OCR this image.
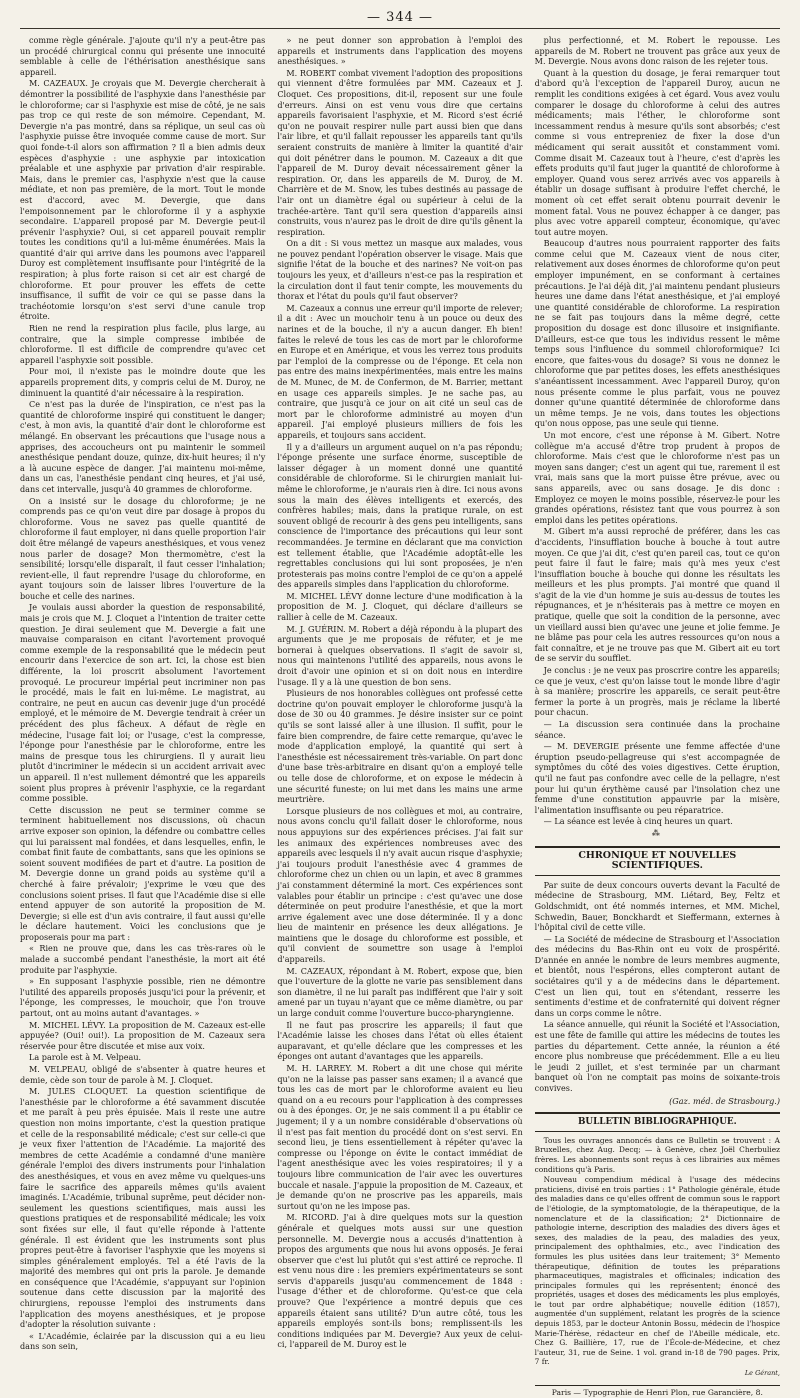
— 344 —

comme règle générale. J'ajoute qu'il n'y a peut-être pas un procédé chirurgical connu qui présente une innocuité semblable à celle de l'éthérisation anesthésique sans appareil.

M. CAZEAUX. Je croyais que M. Devergie chercherait à démontrer la possibilité de l'asphyxie dans l'anesthésie par le chloroforme; car si l'asphyxie est mise de côté, je ne sais pas trop ce qui reste de son mémoire. Cependant, M. Devergie n'a pas montré, dans sa réplique, un seul cas où l'asphyxie puisse être invoquée comme cause de mort. Sur quoi fonde-t-il alors son affirmation ? Il a bien admis deux espèces d'asphyxie : une asphyxie par intoxication préalable et une asphyxie par privation d'air respirable. Mais, dans le premier cas, l'asphyxie n'est que la cause médiate, et non pas première, de la mort. Tout le monde est d'accord, avec M. Devergie, que dans l'empoisonnement par le chloroforme il y a asphyxie secondaire. L'appareil proposé par M. Devergie peut-il prévenir l'asphyxie? Oui, si cet appareil pouvait remplir toutes les conditions qu'il a lui-même énumérées. Mais la quantité d'air qui arrive dans les poumons avec l'appareil Duroy est complètement insuffisante pour l'intégrité de la respiration; à plus forte raison si cet air est chargé de chloroforme. Et pour prouver les effets de cette insuffisance, il suffit de voir ce qui se passe dans la trachéotomie lorsqu'on s'est servi d'une canule trop étroite.

Rien ne rend la respiration plus facile, plus large, au contraire, que la simple compresse imbibée de chloroforme. Il est difficile de comprendre qu'avec cet appareil l'asphyxie soit possible.

Pour moi, il n'existe pas le moindre doute que les appareils proprement dits, y compris celui de M. Duroy, ne diminuent la quantité d'air nécessaire à la respiration.

Ce n'est pas la durée de l'inspiration, ce n'est pas la quantité de chloroforme inspiré qui constituent le danger; c'est, à mon avis, la quantité d'air dont le chloroforme est mélangé. En observant les précautions que l'usage nous a apprises, des accoucheurs ont pu maintenir le sommeil anesthésique pendant douze, quinze, dix-huit heures; il n'y a là aucune espèce de danger. J'ai maintenu moi-même, dans un cas, l'anesthésie pendant cinq heures, et j'ai usé, dans cet intervalle, jusqu'à 40 grammes de chloroforme.

On a insisté sur le dosage du chloroforme; je ne comprends pas ce qu'on veut dire par dosage à propos du chloroforme. Vous ne savez pas quelle quantité de chloroforme il faut employer, ni dans quelle proportion l'air doit être mélangé de vapeurs anesthésiques, et vous venez nous parler de dosage? Mon thermomètre, c'est la sensibilité; lorsqu'elle disparaît, il faut cesser l'inhalation; revient-elle, il faut reprendre l'usage du chloroforme, en ayant toujours soin de laisser libres l'ouverture de la bouche et celle des narines.

Je voulais aussi aborder la question de responsabilité, mais je crois que M. J. Cloquet a l'intention de traiter cette question. Je dirai seulement que M. Devergie a fait une mauvaise comparaison en citant l'avortement provoqué comme exemple de la responsabilité que le médecin peut encourir dans l'exercice de son art. Ici, la chose est bien différente, la loi proscrit absolument l'avortement provoqué. Le procureur impérial peut incriminer non pas le procédé, mais le fait en lui-même. Le magistrat, au contraire, ne peut en aucun cas devenir juge d'un procédé employé, et le mémoire de M. Devergie tendrait à créer un précédent des plus fâcheux. A défaut de règle en médecine, l'usage fait loi; or l'usage, c'est la compresse, l'éponge pour l'anesthésie par le chloroforme, entre les mains de presque tous les chirurgiens. Il y aurait lieu plutôt d'incriminer le médecin si un accident arrivait avec un appareil. Il n'est nullement démontré que les appareils soient plus propres à prévenir l'asphyxie, ce la regardant comme possible.

Cette discussion ne peut se terminer comme se terminent habituellement nos discussions, où chacun arrive exposer son opinion, la défendre ou combattre celles qui lui paraissent mal fondées, et dans lesquelles, enfin, le combat finit faute de combattants, sans que les opinions se soient souvent modifiées de part et d'autre. La position de M. Devergie donne un grand poids au système qu'il a cherché à faire prévaloir; j'exprime le vœu que des conclusions soient prises. Il faut que l'Académie dise si elle entend appuyer de son autorité la proposition de M. Devergie; si elle est d'un avis contraire, il faut aussi qu'elle le déclare hautement. Voici les conclusions que je proposerais pour ma part :

« Rien ne prouve que, dans les cas très-rares où le malade a succombé pendant l'anesthésie, la mort ait été produite par l'asphyxie.

» En supposant l'asphyxie possible, rien ne démontre l'utilité des appareils proposés jusqu'ici pour la prévenir, et l'éponge, les compresses, le mouchoir, que l'on trouve partout, ont au moins autant d'avantages. »

M. MICHEL LÉVY. La proposition de M. Cazeaux est-elle appuyée? (Oui! oui!). La proposition de M. Cazeaux sera réservée pour être discutée et mise aux voix.

La parole est à M. Velpeau.

M. VELPEAU, obligé de s'absenter à quatre heures et demie, cède son tour de parole à M. J. Cloquet.

M. JULES CLOQUET. La question scientifique de l'anesthésie par le chloroforme a été savamment discutée et me paraît à peu près épuisée. Mais il reste une autre question non moins importante, c'est la question pratique et celle de la responsabilité médicale; c'est sur celle-ci que je veux fixer l'attention de l'Académie. La majorité des membres de cette Académie a condamné d'une manière générale l'emploi des divers instruments pour l'inhalation des anesthésiques, et vous en avez même vu quelques-uns faire le sacrifice des appareils mêmes qu'ils avaient imaginés. L'Académie, tribunal suprême, peut décider non-seulement les questions scientifiques, mais aussi les questions pratiques et de responsabilité médicale; les voix sont fixées sur elle, il faut qu'elle réponde à l'attente générale. Il est évident que les instruments sont plus propres peut-être à favoriser l'asphyxie que les moyens si simples généralement employés. Tel a été l'avis de la majorité des membres qui ont pris la parole. Je demande en conséquence que l'Académie, s'appuyant sur l'opinion soutenue dans cette discussion par la majorité des chirurgiens, repousse l'emploi des instruments dans l'application des moyens anesthésiques, et je propose d'adopter la résolution suivante :

« L'Académie, éclairée par la discussion qui a eu lieu dans son sein,

» ne peut donner son approbation à l'emploi des appareils et instruments dans l'application des moyens anesthésiques. »

M. ROBERT combat vivement l'adoption des propositions qui viennent d'être formulées par MM. Cazeaux et J. Cloquet. Ces propositions, dit-il, reposent sur une foule d'erreurs. Ainsi on est venu vous dire que certains appareils favorisaient l'asphyxie, et M. Ricord s'est écrié qu'on ne pouvait respirer nulle part aussi bien que dans l'air libre, et qu'il fallait repousser les appareils tant qu'ils seraient construits de manière à limiter la quantité d'air qui doit pénétrer dans le poumon. M. Cazeaux a dit que l'appareil de M. Duroy devait nécessairement gêner la respiration. Or, dans les appareils de M. Duroy, de M. Charrière et de M. Snow, les tubes destinés au passage de l'air ont un diamètre égal ou supérieur à celui de la trachée-artère. Tant qu'il sera question d'appareils ainsi construits, vous n'aurez pas le droit de dire qu'ils gênent la respiration.

On a dit : Si vous mettez un masque aux malades, vous ne pouvez pendant l'opération observer le visage. Mais que signifie l'état de la bouche et des narines? Ne voit-on pas toujours les yeux, et d'ailleurs n'est-ce pas la respiration et la circulation dont il faut tenir compte, les mouvements du thorax et l'état du pouls qu'il faut observer?

M. Cazeaux a connus une erreur qu'il importe de relever; il a dit : Avec un mouchoir tenu à un pouce ou deux des narines et de la bouche, il n'y a aucun danger. Eh bien! faites le relevé de tous les cas de mort par le chloroforme en Europe et en Amérique, et vous les verrez tous produits par l'emploi de la compresse ou de l'éponge. Et cela non pas entre des mains inexpérimentées, mais entre les mains de M. Munec, de M. de Confermon, de M. Barrier, mettant en usage ces appareils simples. Je ne sache pas, au contraire, que jusqu'à ce jour on ait cité un seul cas de mort par le chloroforme administré au moyen d'un appareil. J'ai employé plusieurs milliers de fois les appareils, et toujours sans accident.

Il y a d'ailleurs un argument auquel on n'a pas répondu; l'éponge présente une surface énorme, susceptible de laisser dégager à un moment donné une quantité considérable de chloroforme. Si le chirurgien maniait lui-même le chloroforme, je n'aurais rien à dire. Ici nous avons sous la main des élèves intelligents et exercés, des confrères habiles; mais, dans la pratique rurale, on est souvent obligé de recourir à des gens peu intelligents, sans conscience de l'importance des précautions qui leur sont recommandées. Je termine en déclarant que ma conviction est tellement établie, que l'Académie adoptât-elle les regrettables conclusions qui lui sont proposées, je n'en protesterais pas moins contre l'emploi de ce qu'on a appelé des appareils simples dans l'application du chloroforme.

M. MICHEL LÉVY donne lecture d'une modification à la proposition de M. J. Cloquet, qui déclare d'ailleurs se rallier à celle de M. Cazeaux.

M. J. GUÉRIN. M. Robert a déjà répondu à la plupart des arguments que je me proposais de réfuter, et je me bornerai à quelques observations. Il s'agit de savoir si, nous qui maintenons l'utilité des appareils, nous avons le droit d'avoir une opinion et si on doit nous en interdire l'usage. Il y a là une question de bon sens.

Plusieurs de nos honorables collègues ont professé cette doctrine qu'on pouvait employer le chloroforme jusqu'à la dose de 30 ou 40 grammes. Je désire insister sur ce point qu'ils se sont laissé aller à une illusion. Il suffit, pour le faire bien comprendre, de faire cette remarque, qu'avec le mode d'application employé, la quantité qui sert à l'anesthésie est nécessairement très-variable. On part donc d'une base très-arbitraire en disant qu'on a employé telle ou telle dose de chloroforme, et on expose le médecin à une sécurité funeste; on lui met dans les mains une arme meurtrière.

Lorsque plusieurs de nos collègues et moi, au contraire, nous avons conclu qu'il fallait doser le chloroforme, nous nous appuyions sur des expériences précises. J'ai fait sur les animaux des expériences nombreuses avec des appareils avec lesquels il n'y avait aucun risque d'asphyxie; j'ai toujours produit l'anesthésie avec 4 grammes de chloroforme chez un chien ou un lapin, et avec 8 grammes j'ai constamment déterminé la mort. Ces expériences sont valables pour établir un principe : c'est qu'avec une dose déterminée on peut produire l'anesthésie, et que la mort arrive également avec une dose déterminée. Il y a donc lieu de maintenir en présence les deux allégations. Je maintiens que le dosage du chloroforme est possible, et qu'il convient de soumettre son usage à l'emploi d'appareils.

M. CAZEAUX, répondant à M. Robert, expose que, bien que l'ouverture de la glotte ne varie pas sensiblement dans son diamètre, il ne lui paraît pas indifférent que l'air y soit amené par un tuyau n'ayant que ce même diamètre, ou par un large conduit comme l'ouverture bucco-pharyngienne.

Il ne faut pas proscrire les appareils; il faut que l'Académie laisse les choses dans l'état où elles étaient auparavant, et qu'elle déclare que les compresses et les éponges ont autant d'avantages que les appareils.

M. H. LARREY. M. Robert a dit une chose qui mérite qu'on ne la laisse pas passer sans examen; il a avancé que tous les cas de mort par le chloroforme avaient eu lieu quand on a eu recours pour l'application à des compresses ou à des éponges. Or, je ne sais comment il a pu établir ce jugement; il y a un nombre considérable d'observations où il n'est pas fait mention du procédé dont on s'est servi. En second lieu, je tiens essentiellement à répéter qu'avec la compresse ou l'éponge on évite le contact immédiat de l'agent anesthésique avec les voies respiratoires; il y a toujours libre communication de l'air avec les ouvertures buccale et nasale. J'appuie la proposition de M. Cazeaux, et je demande qu'on ne proscrive pas les appareils, mais surtout qu'on ne les impose pas.

M. RICORD. J'ai à dire quelques mots sur la question générale et quelques mots aussi sur une question personnelle. M. Devergie nous a accusés d'inattention à propos des arguments que nous lui avons opposés. Je ferai observer que c'est lui plutôt qui s'est attiré ce reproche. Il est venu nous dire : les premiers expérimentateurs se sont servis d'appareils jusqu'au commencement de 1848 : l'usage d'éther et de chloroforme. Qu'est-ce que cela prouve? Que l'expérience a montré depuis que ces appareils étaient sans utilité? D'un autre côté, tous les appareils employés sont-ils bons; remplissent-ils les conditions indiquées par M. Devergie? Aux yeux de celui-ci, l'appareil de M. Duroy est le

plus perfectionné, et M. Robert le repousse. Les appareils de M. Robert ne trouvent pas grâce aux yeux de M. Devergie. Nous avons donc raison de les rejeter tous.

Quant à la question du dosage, je ferai remarquer tout d'abord qu'à l'exception de l'appareil Duroy, aucun ne remplit les conditions exigées à cet égard. Vous avez voulu comparer le dosage du chloroforme à celui des autres médicaments; mais l'éther, le chloroforme sont incessamment rendus à mesure qu'ils sont absorbés; c'est comme si vous entrepreniez de fixer la dose d'un médicament qui serait aussitôt et constamment vomi. Comme disait M. Cazeaux tout à l'heure, c'est d'après les effets produits qu'il faut juger la quantité de chloroforme à employer. Quand vous serez arrivés avec vos appareils à établir un dosage suffisant à produire l'effet cherché, le moment où cet effet serait obtenu pourrait devenir le moment fatal. Vous ne pouvez échapper à ce danger, pas plus avec votre appareil compteur, économique, qu'avec tout autre moyen.

Beaucoup d'autres nous pourraient rapporter des faits comme celui que M. Cazeaux vient de nous citer, relativement aux doses énormes de chloroforme qu'on peut employer impunément, en se conformant à certaines précautions. Je l'ai déjà dit, j'ai maintenu pendant plusieurs heures une dame dans l'état anesthésique, et j'ai employé une quantité considérable de chloroforme. La respiration ne se fait pas toujours dans la même degré, cette proposition du dosage est donc illusoire et insignifiante. D'ailleurs, est-ce que tous les individus ressent le même temps sous l'influence du sommeil chloroformique? Ici encore, que faites-vous du dosage? Si vous ne donnez le chloroforme que par petites doses, les effets anesthésiques s'anéantissent incessamment. Avec l'appareil Duroy, qu'on nous présente comme le plus parfait, vous ne pouvez donner qu'une quantité déterminée de chloroforme dans un même temps. Je ne vois, dans toutes les objections qu'on nous oppose, pas une seule qui tienne.

Un mot encore, c'est une réponse à M. Gibert. Notre collègue m'a accusé d'être trop prudent à propos de chloroforme. Mais c'est que le chloroforme n'est pas un moyen sans danger; c'est un agent qui tue, rarement il est vrai, mais sans que la mort puisse être prévue, avec ou sans appareils, avec ou sans dosage. Je dis donc : Employez ce moyen le moins possible, réservez-le pour les grandes opérations, résistez tant que vous pourrez à son emploi dans les petites opérations.

M. Gibert m'a aussi reproché de préférer, dans les cas d'accidents, l'insufflation bouche à bouche à tout autre moyen. Ce que j'ai dit, c'est qu'en pareil cas, tout ce qu'on peut faire il faut le faire; mais qu'à mes yeux c'est l'insufflation bouche à bouche qui donne les résultats les meilleurs et les plus prompts. J'ai montré que quand il s'agit de la vie d'un homme je suis au-dessus de toutes les répugnances, et je n'hésiterais pas à mettre ce moyen en pratique, quelle que soit la condition de la personne, avec un vieillard aussi bien qu'avec une jeune et jolie femme. Je ne blâme pas pour cela les autres ressources qu'on nous a fait connaître, et je ne trouve pas que M. Gibert ait eu tort de se servir du soufflet.

Je conclus : je ne veux pas proscrire contre les appareils; ce que je veux, c'est qu'on laisse tout le monde libre d'agir à sa manière; proscrire les appareils, ce serait peut-être fermer la porte à un progrès, mais je réclame la liberté pour chacun.

— La discussion sera continuée dans la prochaine séance.

— M. DEVERGIE présente une femme affectée d'une éruption pseudo-pellagreuse qui s'est accompagnée de symptômes du côté des voies digestives. Cette éruption, qu'il ne faut pas confondre avec celle de la pellagre, n'est pour lui qu'un érythème causé par l'insolation chez une femme d'une constitution appauvrie par la misère, l'alimentation insuffisante ou peu réparatrice.

— La séance est levée à cinq heures un quart.

⁂
CHRONIQUE ET NOUVELLES SCIENTIFIQUES.

Par suite de deux concours ouverts devant la Faculté de médecine de Strasbourg, MM. Liétard, Bey, Feltz et Goldschmidt, ont été nommés internes, et MM. Michel, Schwedin, Bauer, Bonckhardt et Sieffermann, externes à l'hôpital civil de cette ville.

— La Société de médecine de Strasbourg et l'Association des médecins du Bas-Rhin ont eu voix de prospérité. D'année en année le nombre de leurs membres augmente, et bientôt, nous l'espérons, elles compteront autant de sociétaires qu'il y a de médecins dans le département. C'est un lien qui, tout en s'étendant, resserre les sentiments d'estime et de confraternité qui doivent régner dans un corps comme le nôtre.

La séance annuelle, qui réunit la Société et l'Association, est une fête de famille qui attire les médecins de toutes les parties du département. Cette année, la réunion a été encore plus nombreuse que précédemment. Elle a eu lieu le jeudi 2 juillet, et s'est terminée par un charmant banquet où l'on ne comptait pas moins de soixante-trois convives.

(Gaz. méd. de Strasbourg.)
BULLETIN BIBLIOGRAPHIQUE.

Tous les ouvrages annoncés dans ce Bulletin se trouvent : A Bruxelles, chez Aug. Decq; — à Genève, chez Joël Cherbuliez frères. Les abonnements sont reçus à ces librairies aux mêmes conditions qu'à Paris.

Nouveau compendium médical à l'usage des médecins praticiens, divisé en trois parties : 1° Pathologie générale, étude des maladies dans ce qu'elles offrent de commun sous le rapport de l'étiologie, de la symptomatologie, de la thérapeutique, de la nomenclature et de la classification; 2° Dictionnaire de pathologie interne, description des maladies des divers âges et sexes, des maladies de la peau, des maladies des yeux, principalement des ophthalmies, etc., avec l'indication des formules les plus usitées dans leur traitement; 3° Memento thérapeutique, définition de toutes les préparations pharmaceutiques, magistrales et officinales; indication des principales formules qui les représentent; énoncé des propriétés, usages et doses des médicaments les plus employés, le tout par ordre alphabétique; nouvelle édition (1857), augmentée d'un supplément, relatant les progrès de la science depuis 1853, par le docteur Antonin Bossu, médecin de l'hospice Marie-Thérèse, rédacteur en chef de l'Abeille médicale, etc. Chez G. Baillière, 17, rue de l'École-de-Médecine, et chez l'auteur, 31, rue de Seine. 1 vol. grand in-18 de 790 pages. Prix, 7 fr.

Le Gérant,
Paris — Typographie de Henri Plon, rue Garancière, 8.
